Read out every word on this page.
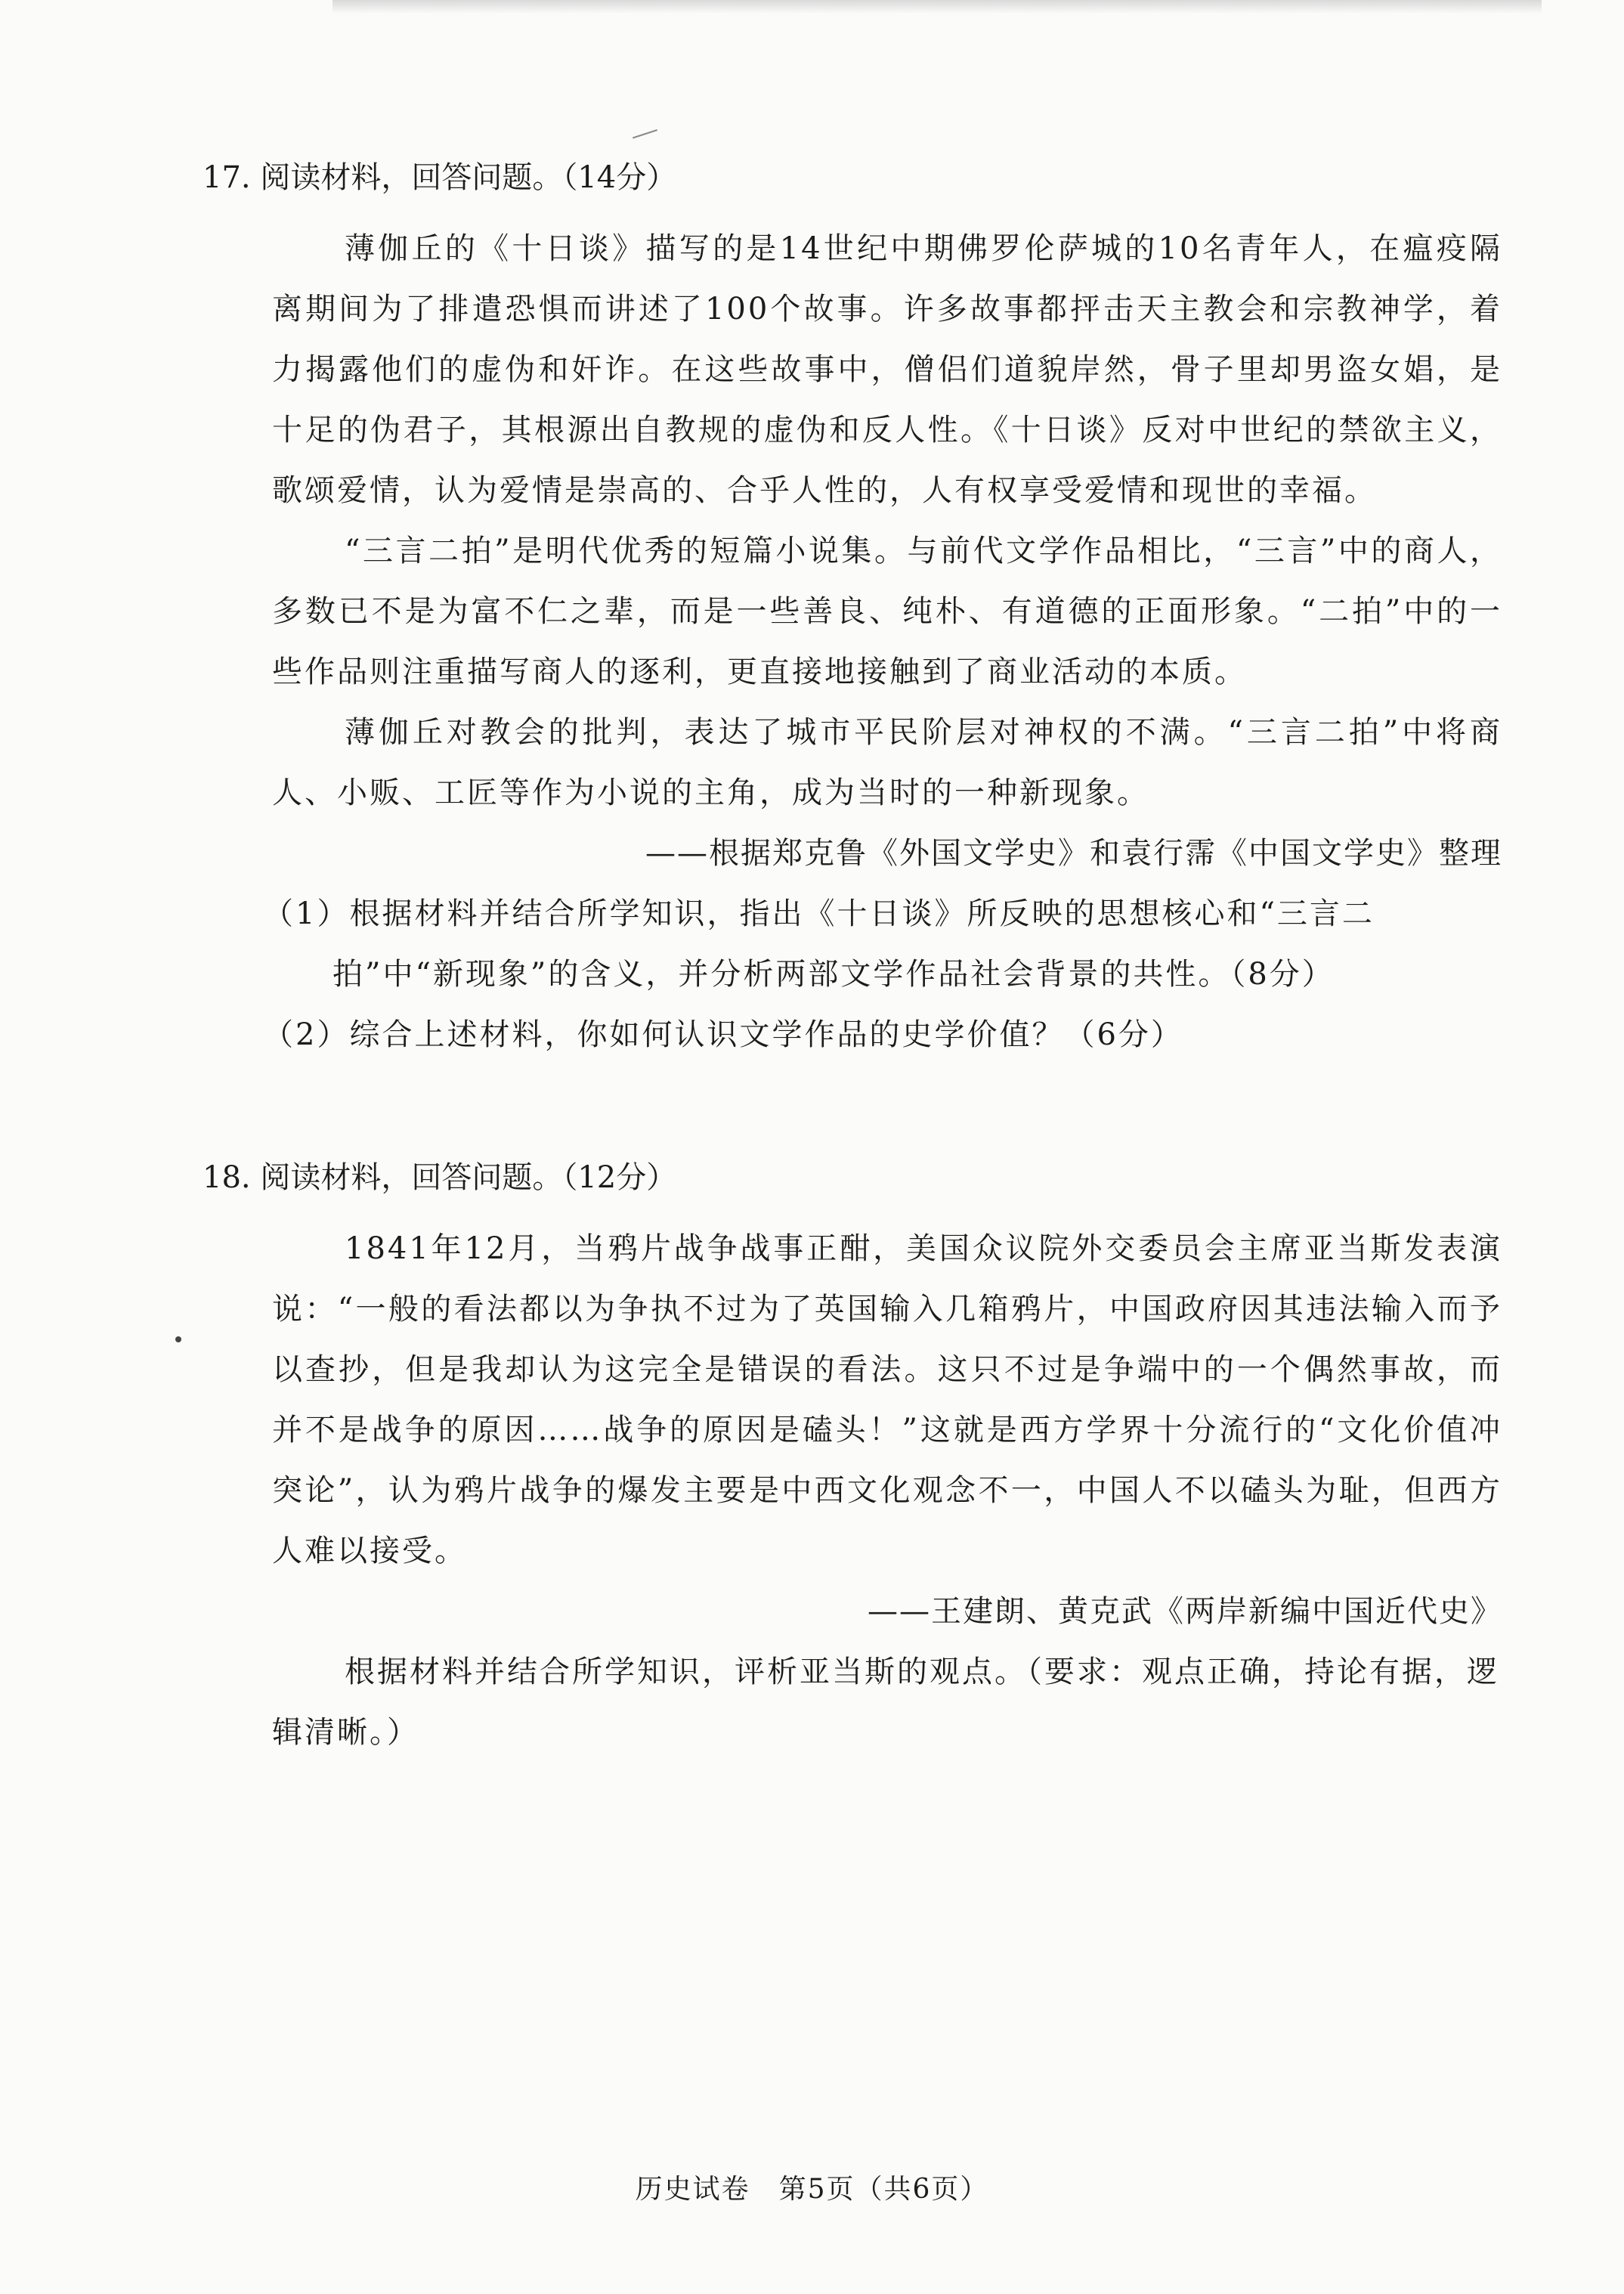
17. 阅读材料，回答问题。（14分）

薄伽丘的《十日谈》描写的是14世纪中期佛罗伦萨城的10名青年人，在瘟疫隔离期间为了排遣恐惧而讲述了100个故事。许多故事都抨击天主教会和宗教神学，着力揭露他们的虚伪和奸诈。在这些故事中，僧侣们道貌岸然，骨子里却男盗女娼，是十足的伪君子，其根源出自教规的虚伪和反人性。《十日谈》反对中世纪的禁欲主义，歌颂爱情，认为爱情是崇高的、合乎人性的，人有权享受爱情和现世的幸福。

“三言二拍”是明代优秀的短篇小说集。与前代文学作品相比，“三言”中的商人，多数已不是为富不仁之辈，而是一些善良、纯朴、有道德的正面形象。“二拍”中的一些作品则注重描写商人的逐利，更直接地接触到了商业活动的本质。

薄伽丘对教会的批判，表达了城市平民阶层对神权的不满。“三言二拍”中将商人、小贩、工匠等作为小说的主角，成为当时的一种新现象。

——根据郑克鲁《外国文学史》和袁行霈《中国文学史》整理

（1）根据材料并结合所学知识，指出《十日谈》所反映的思想核心和“三言二拍”中“新现象”的含义，并分析两部文学作品社会背景的共性。（8分）

（2）综合上述材料，你如何认识文学作品的史学价值？（6分）

18. 阅读材料，回答问题。（12分）

1841年12月，当鸦片战争战事正酣，美国众议院外交委员会主席亚当斯发表演说：“一般的看法都以为争执不过为了英国输入几箱鸦片，中国政府因其违法输入而予以查抄，但是我却认为这完全是错误的看法。这只不过是争端中的一个偶然事故，而并不是战争的原因……战争的原因是磕头！”这就是西方学界十分流行的“文化价值冲突论”，认为鸦片战争的爆发主要是中西文化观念不一，中国人不以磕头为耻，但西方人难以接受。

——王建朗、黄克武《两岸新编中国近代史》

根据材料并结合所学知识，评析亚当斯的观点。（要求：观点正确，持论有据，逻辑清晰。）

历史试卷　第5页（共6页）
